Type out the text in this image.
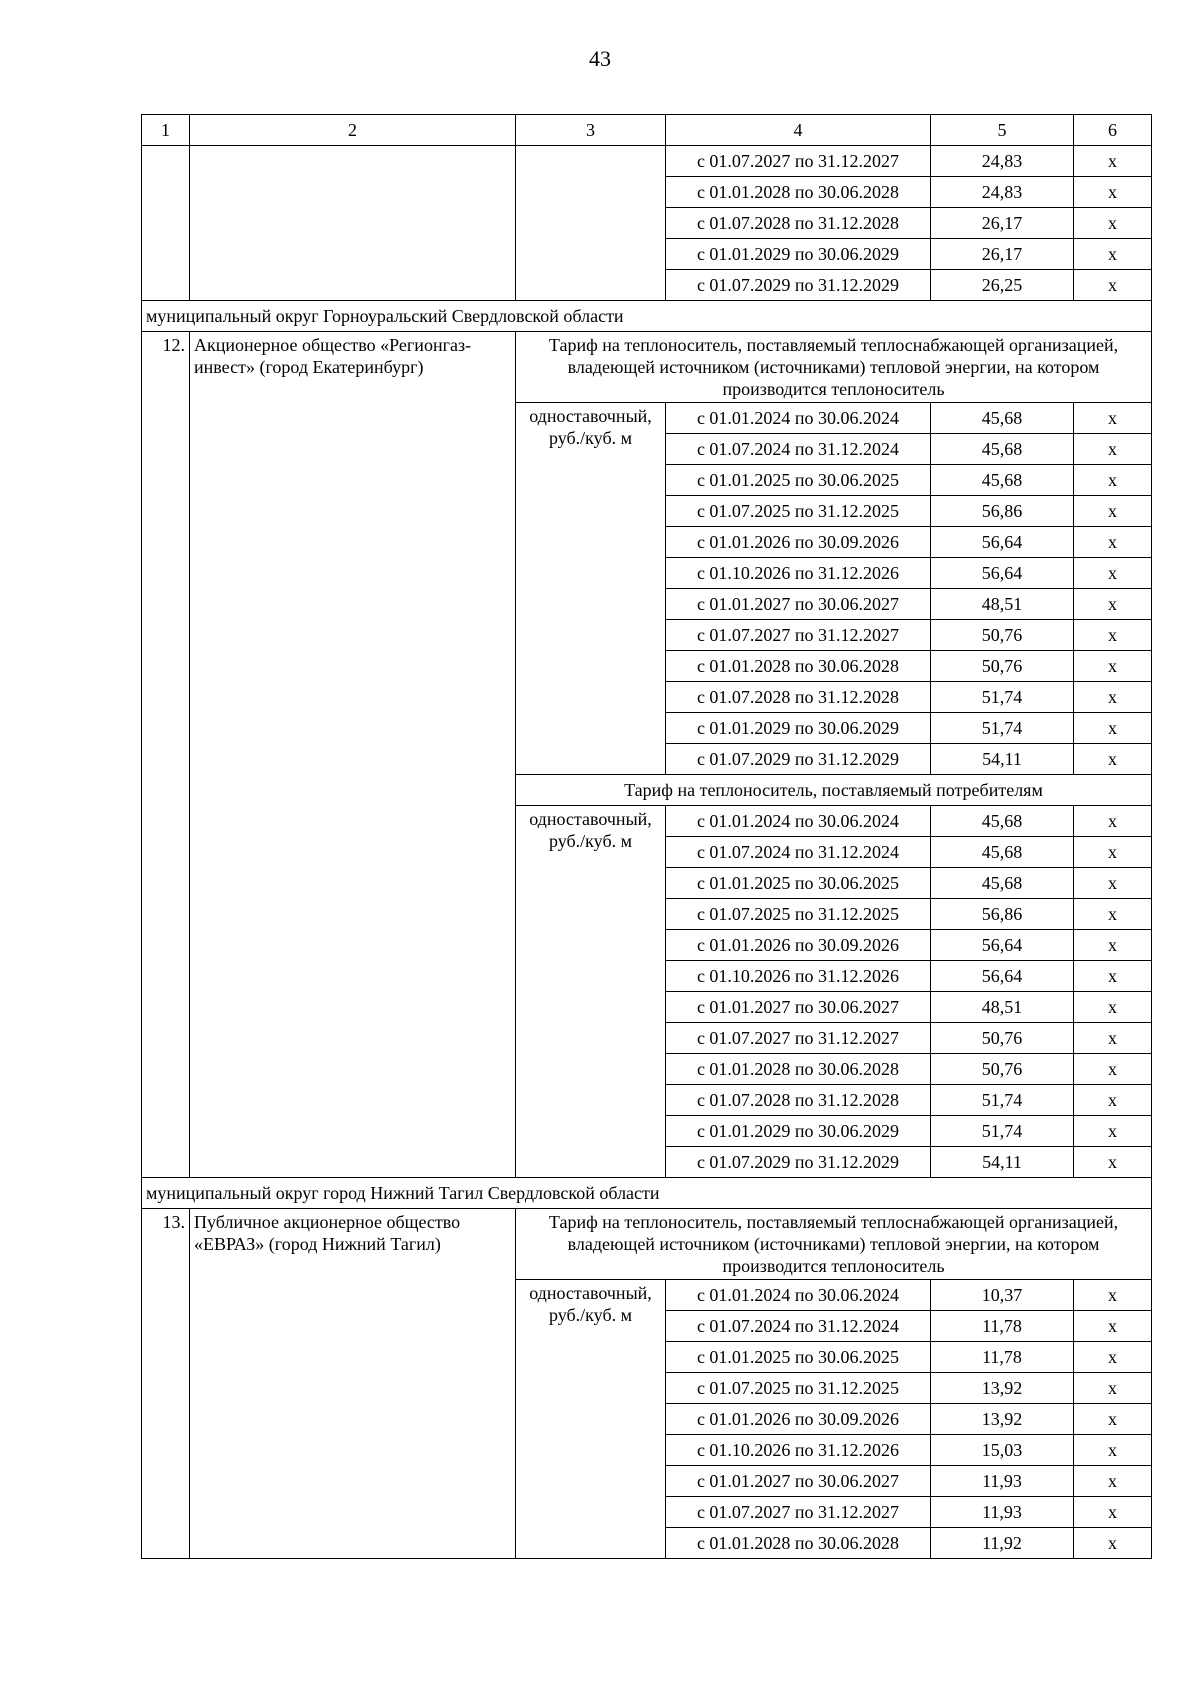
43
1	2	3	4	5	6
			с 01.07.2027 по 31.12.2027	24,83	х
			с 01.01.2028 по 30.06.2028	24,83	х
			с 01.07.2028 по 31.12.2028	26,17	х
			с 01.01.2029 по 30.06.2029	26,17	х
			с 01.07.2029 по 31.12.2029	26,25	х
муниципальный округ Горноуральский Свердловской области					
12.	Акционерное общество «Регионгаз-инвест» (город Екатеринбург)	Тариф на теплоноситель, поставляемый теплоснабжающей организацией, владеющей источником (источниками) тепловой энергии, на котором производится теплоноситель			
		одноставочный, руб./куб. м	с 01.01.2024 по 30.06.2024	45,68	х
			с 01.07.2024 по 31.12.2024	45,68	х
			с 01.01.2025 по 30.06.2025	45,68	х
			с 01.07.2025 по 31.12.2025	56,86	х
			с 01.01.2026 по 30.09.2026	56,64	х
			с 01.10.2026 по 31.12.2026	56,64	х
			с 01.01.2027 по 30.06.2027	48,51	х
			с 01.07.2027 по 31.12.2027	50,76	х
			с 01.01.2028 по 30.06.2028	50,76	х
			с 01.07.2028 по 31.12.2028	51,74	х
			с 01.01.2029 по 30.06.2029	51,74	х
			с 01.07.2029 по 31.12.2029	54,11	х
		Тариф на теплоноситель, поставляемый потребителям			
		одноставочный, руб./куб. м	с 01.01.2024 по 30.06.2024	45,68	х
			с 01.07.2024 по 31.12.2024	45,68	х
			с 01.01.2025 по 30.06.2025	45,68	х
			с 01.07.2025 по 31.12.2025	56,86	х
			с 01.01.2026 по 30.09.2026	56,64	х
			с 01.10.2026 по 31.12.2026	56,64	х
			с 01.01.2027 по 30.06.2027	48,51	х
			с 01.07.2027 по 31.12.2027	50,76	х
			с 01.01.2028 по 30.06.2028	50,76	х
			с 01.07.2028 по 31.12.2028	51,74	х
			с 01.01.2029 по 30.06.2029	51,74	х
			с 01.07.2029 по 31.12.2029	54,11	х
муниципальный округ город Нижний Тагил Свердловской области					
13.	Публичное акционерное общество «ЕВРАЗ» (город Нижний Тагил)	Тариф на теплоноситель, поставляемый теплоснабжающей организацией, владеющей источником (источниками) тепловой энергии, на котором производится теплоноситель			
		одноставочный, руб./куб. м	с 01.01.2024 по 30.06.2024	10,37	х
			с 01.07.2024 по 31.12.2024	11,78	х
			с 01.01.2025 по 30.06.2025	11,78	х
			с 01.07.2025 по 31.12.2025	13,92	х
			с 01.01.2026 по 30.09.2026	13,92	х
			с 01.10.2026 по 31.12.2026	15,03	х
			с 01.01.2027 по 30.06.2027	11,93	х
			с 01.07.2027 по 31.12.2027	11,93	х
			с 01.01.2028 по 30.06.2028	11,92	х
